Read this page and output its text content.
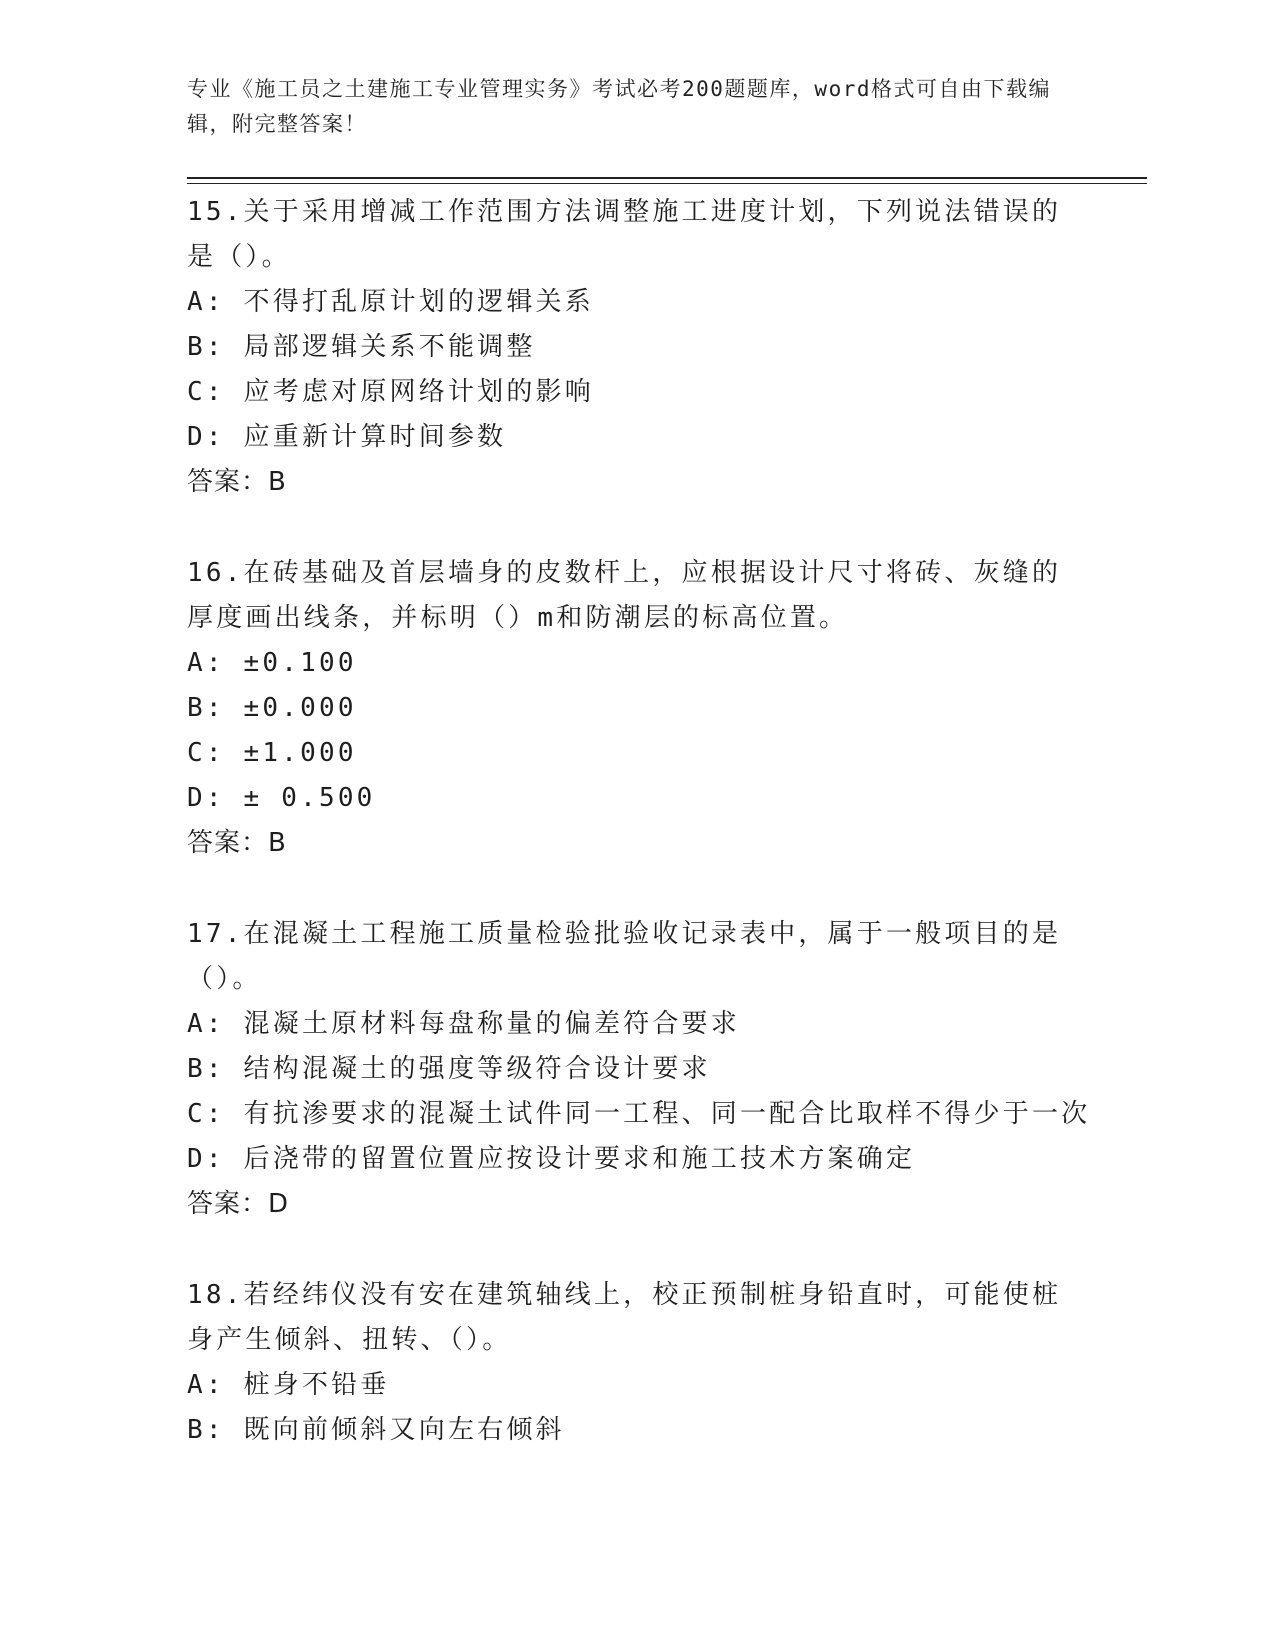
专业《施工员之土建施工专业管理实务》考试必考200题题库，word格式可自由下载编辑，附完整答案！
15.关于采用增减工作范围方法调整施工进度计划，下列说法错误的是（）。
A: 不得打乱原计划的逻辑关系
B: 局部逻辑关系不能调整
C: 应考虑对原网络计划的影响
D: 应重新计算时间参数
答案：B
16.在砖基础及首层墙身的皮数杆上，应根据设计尺寸将砖、灰缝的厚度画出线条，并标明（）m和防潮层的标高位置。
A: ±0.100
B: ±0.000
C: ±1.000
D: ± 0.500
答案：B
17.在混凝土工程施工质量检验批验收记录表中，属于一般项目的是（）。
A: 混凝土原材料每盘称量的偏差符合要求
B: 结构混凝土的强度等级符合设计要求
C: 有抗渗要求的混凝土试件同一工程、同一配合比取样不得少于一次
D: 后浇带的留置位置应按设计要求和施工技术方案确定
答案：D
18.若经纬仪没有安在建筑轴线上，校正预制桩身铅直时，可能使桩身产生倾斜、扭转、（）。
A: 桩身不铅垂
B: 既向前倾斜又向左右倾斜
